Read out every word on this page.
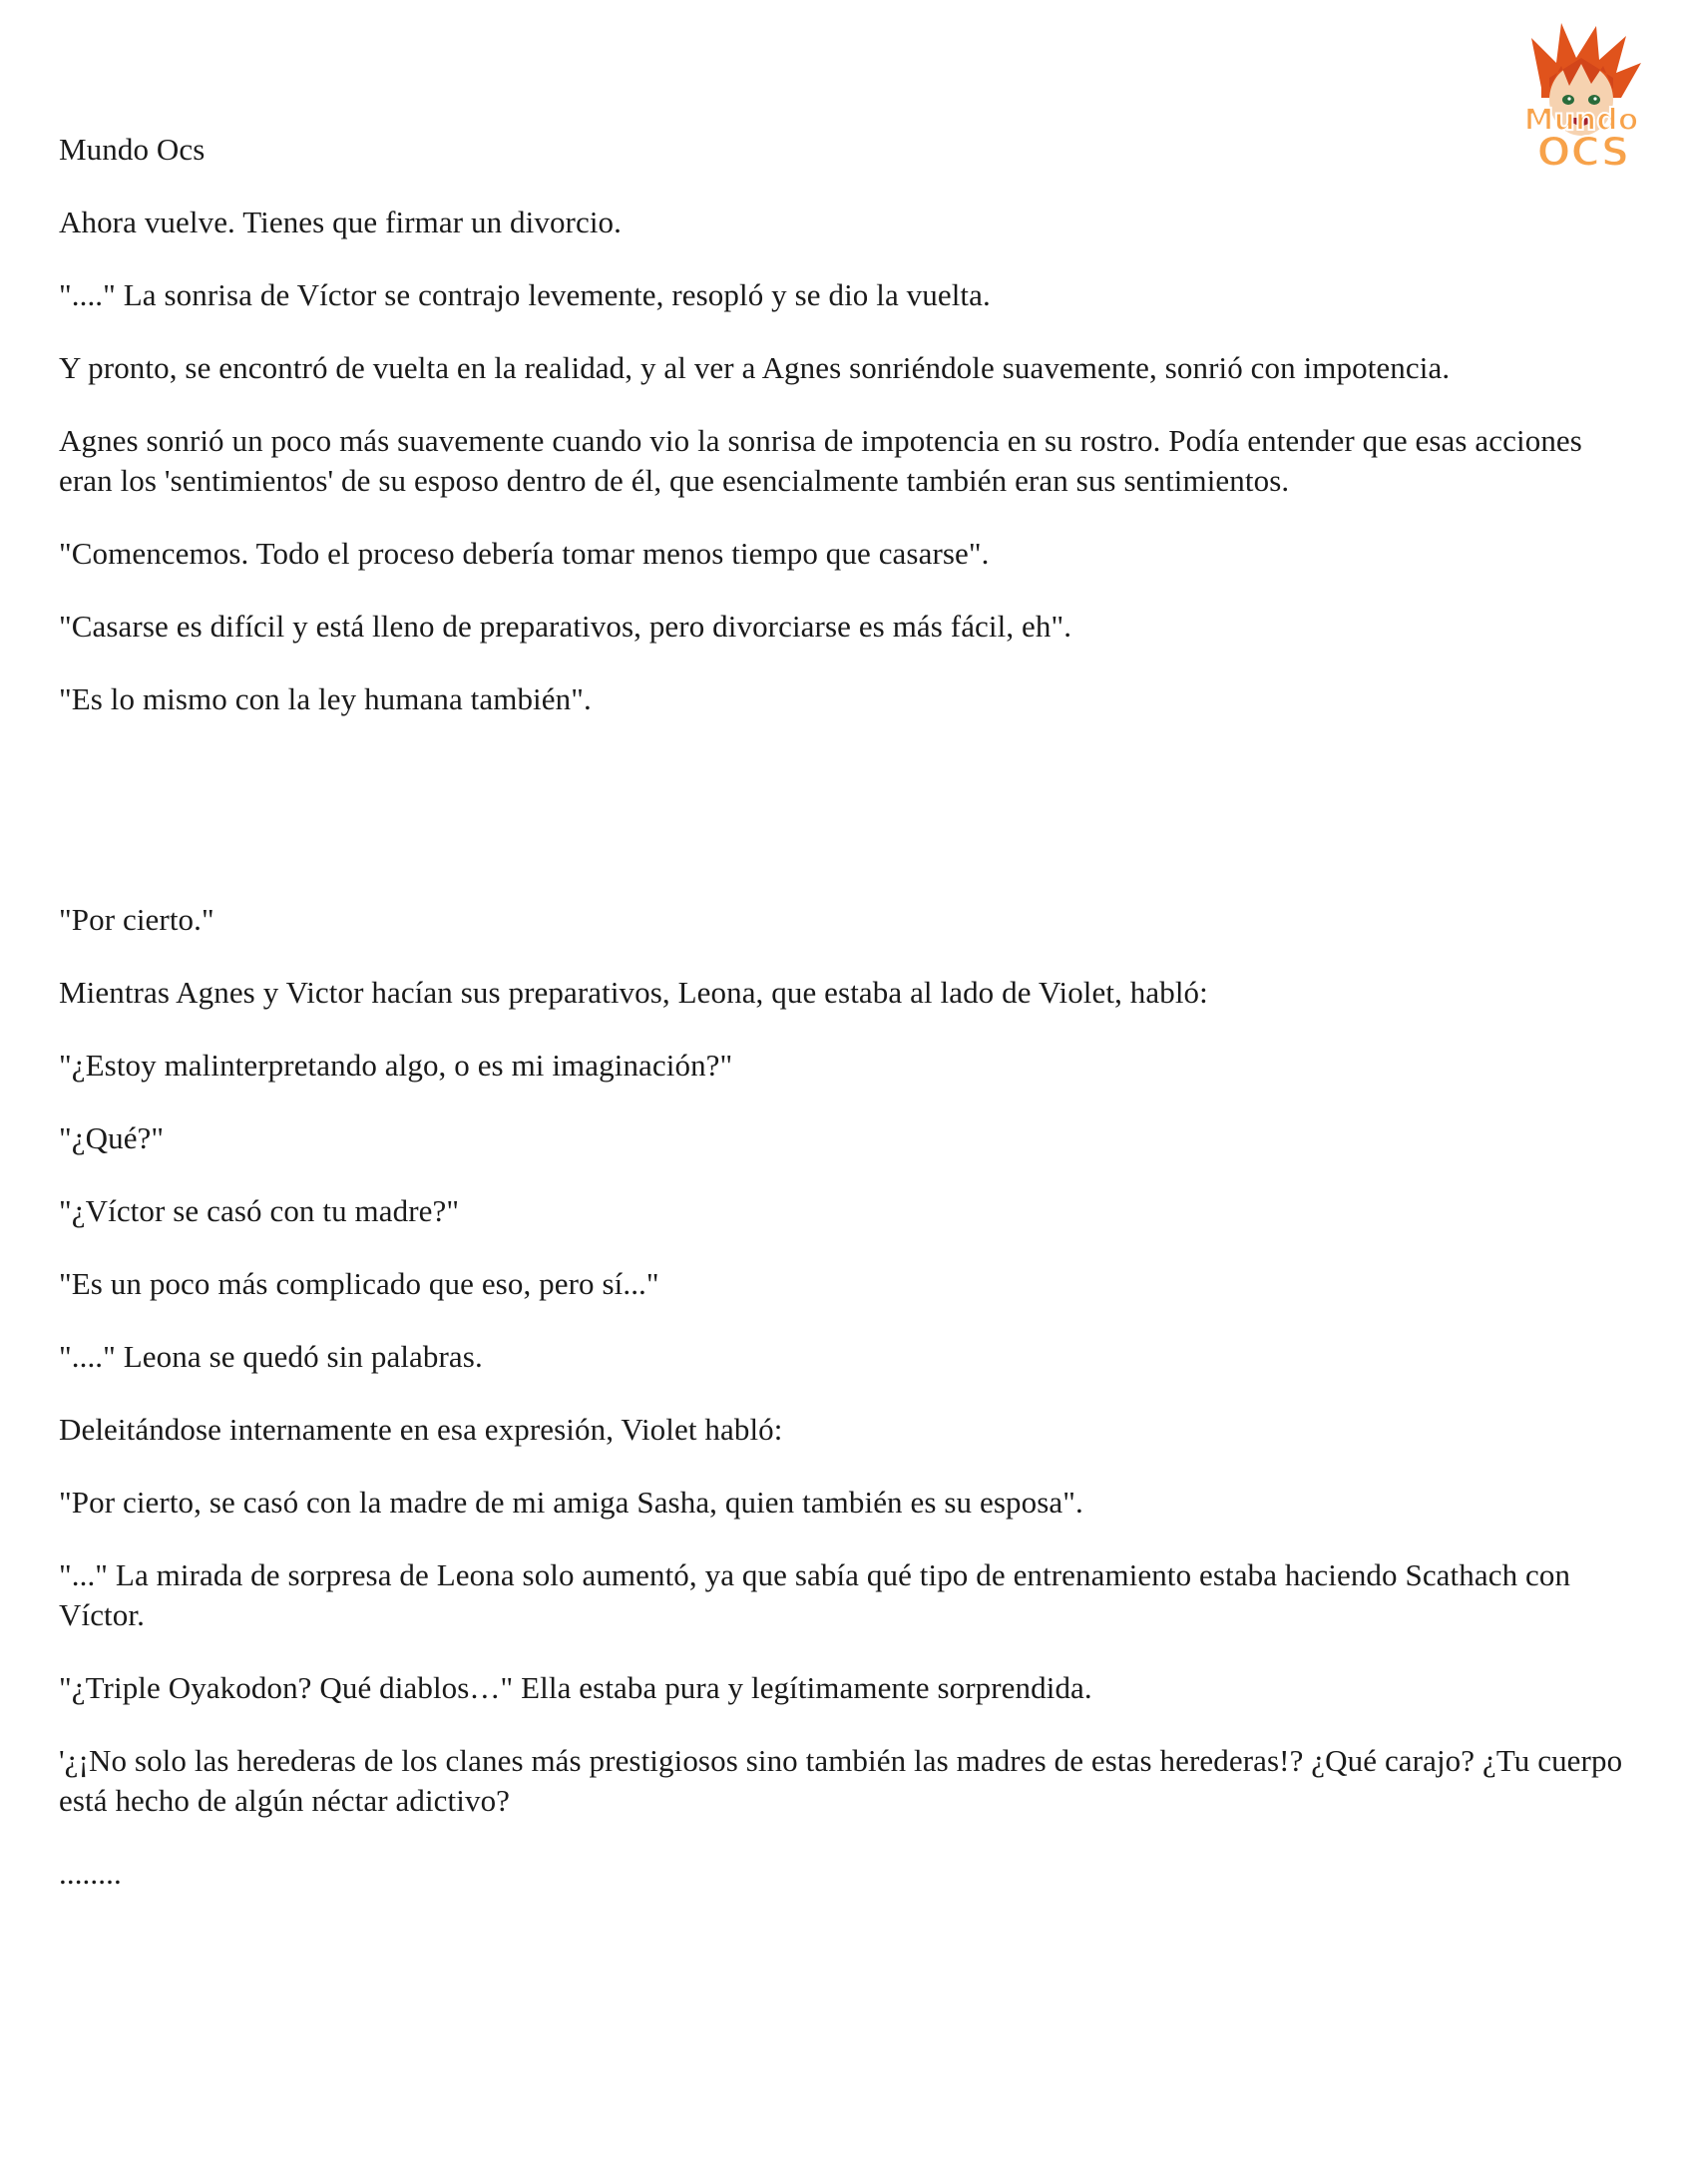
Mundo
OCS

Mundo Ocs

Ahora vuelve. Tienes que firmar un divorcio.

"...." La sonrisa de Víctor se contrajo levemente, resopló y se dio la vuelta.

Y pronto, se encontró de vuelta en la realidad, y al ver a Agnes sonriéndole suavemente, sonrió con impotencia.

Agnes sonrió un poco más suavemente cuando vio la sonrisa de impotencia en su rostro. Podía entender que esas acciones eran los 'sentimientos' de su esposo dentro de él, que esencialmente también eran sus sentimientos.

"Comencemos. Todo el proceso debería tomar menos tiempo que casarse".

"Casarse es difícil y está lleno de preparativos, pero divorciarse es más fácil, eh".

"Es lo mismo con la ley humana también".

"Por cierto."

Mientras Agnes y Victor hacían sus preparativos, Leona, que estaba al lado de Violet, habló:

"¿Estoy malinterpretando algo, o es mi imaginación?"

"¿Qué?"

"¿Víctor se casó con tu madre?"

"Es un poco más complicado que eso, pero sí..."

"...." Leona se quedó sin palabras.

Deleitándose internamente en esa expresión, Violet habló:

"Por cierto, se casó con la madre de mi amiga Sasha, quien también es su esposa".

"..." La mirada de sorpresa de Leona solo aumentó, ya que sabía qué tipo de entrenamiento estaba haciendo Scathach con Víctor.

"¿Triple Oyakodon? Qué diablos…" Ella estaba pura y legítimamente sorprendida.

'¿¡No solo las herederas de los clanes más prestigiosos sino también las madres de estas herederas!? ¿Qué carajo? ¿Tu cuerpo está hecho de algún néctar adictivo?

........
